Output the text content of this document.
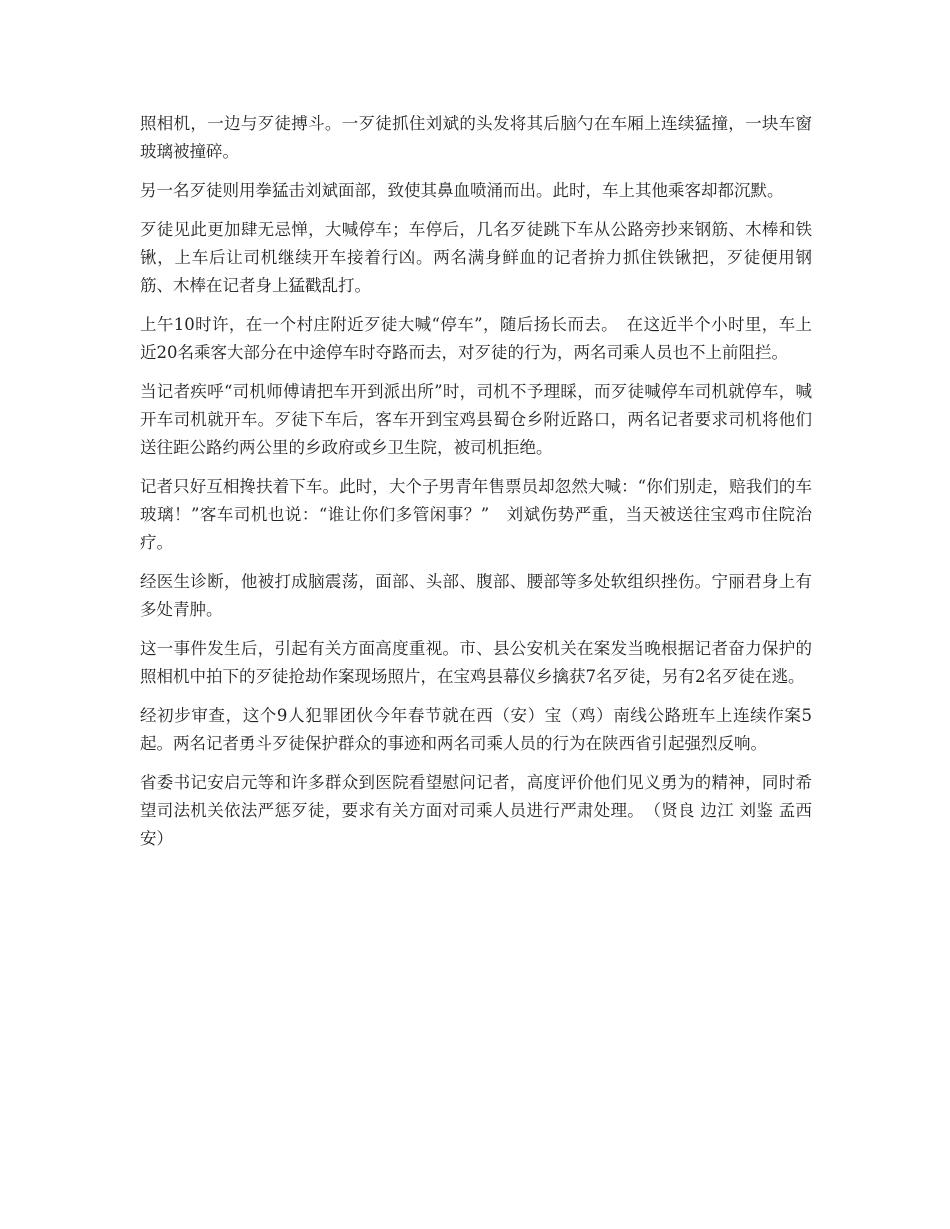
照相机，一边与歹徒搏斗。一歹徒抓住刘斌的头发将其后脑勺在车厢上连续猛撞，一块车窗玻璃被撞碎。

另一名歹徒则用拳猛击刘斌面部，致使其鼻血喷涌而出。此时，车上其他乘客却都沉默。

歹徒见此更加肆无忌惮，大喊停车；车停后，几名歹徒跳下车从公路旁抄来钢筋、木棒和铁锹，上车后让司机继续开车接着行凶。两名满身鲜血的记者拚力抓住铁锹把，歹徒便用钢筋、木棒在记者身上猛戳乱打。

上午10时许，在一个村庄附近歹徒大喊“停车”，随后扬长而去。　在这近半个小时里，车上近20名乘客大部分在中途停车时夺路而去，对歹徒的行为，两名司乘人员也不上前阻拦。

当记者疾呼“司机师傅请把车开到派出所”时，司机不予理睬，而歹徒喊停车司机就停车，喊开车司机就开车。歹徒下车后，客车开到宝鸡县蜀仓乡附近路口，两名记者要求司机将他们送往距公路约两公里的乡政府或乡卫生院，被司机拒绝。

记者只好互相搀扶着下车。此时，大个子男青年售票员却忽然大喊：“你们别走，赔我们的车玻璃！”客车司机也说：“谁让你们多管闲事？”　刘斌伤势严重，当天被送往宝鸡市住院治疗。

经医生诊断，他被打成脑震荡，面部、头部、腹部、腰部等多处软组织挫伤。宁丽君身上有多处青肿。

这一事件发生后，引起有关方面高度重视。市、县公安机关在案发当晚根据记者奋力保护的照相机中拍下的歹徒抢劫作案现场照片，在宝鸡县幕仪乡擒获7名歹徒，另有2名歹徒在逃。

经初步审查，这个9人犯罪团伙今年春节就在西（安）宝（鸡）南线公路班车上连续作案5起。两名记者勇斗歹徒保护群众的事迹和两名司乘人员的行为在陕西省引起强烈反响。

省委书记安启元等和许多群众到医院看望慰问记者，高度评价他们见义勇为的精神，同时希望司法机关依法严惩歹徒，要求有关方面对司乘人员进行严肃处理。　（贤良 边江 刘鉴 孟西安）
